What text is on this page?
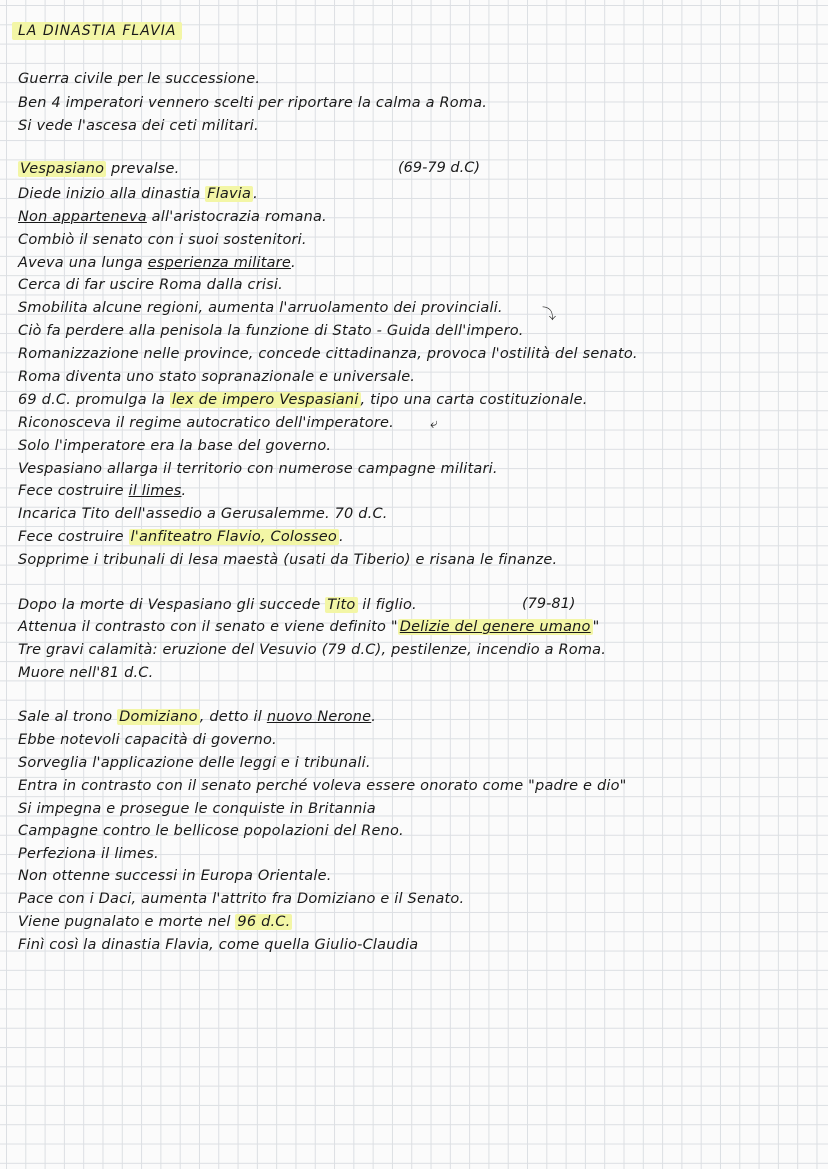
LA DINASTIA FLAVIA
Guerra civile per le successione.
Ben 4 imperatori vennero scelti per riportare la calma a Roma.
Si vede l'ascesa dei ceti militari.
Vespasiano prevalse.	(69-79 d.C)
Diede inizio alla dinastia Flavia .
Non apparteneva all'aristocrazia romana.
Combiò il senato con i suoi sostenitori.
Aveva una lunga esperienza militare.
Cerca di far uscire Roma dalla crisi.
Smobilita alcune regioni, aumenta l'arruolamento dei provinciali.	⤵
Ciò fa perdere alla penisola la funzione di Stato - Guida dell'impero.
Romanizzazione nelle province, concede cittadinanza, provoca l'ostilità del senato.
Roma diventa uno stato sopranazionale e universale.
69 d.C. promulga la lex de impero Vespasiani , tipo una carta costituzionale.
Riconosceva il regime autocratico dell'imperatore.	⤶
Solo l'imperatore era la base del governo.
Vespasiano allarga il territorio con numerose campagne militari.
Fece costruire il limes.
Incarica Tito dell'assedio a Gerusalemme. 70 d.C.
Fece costruire l'anfiteatro Flavio, Colosseo .
Sopprime i tribunali di lesa maestà (usati da Tiberio) e risana le finanze.
Dopo la morte di Vespasiano gli succede Tito il figlio.	(79-81)
Attenua il contrasto con il senato e viene definito " Delizie del genere umano "
Tre gravi calamità: eruzione del Vesuvio (79 d.C), pestilenze, incendio a Roma.
Muore nell'81 d.C.
Sale al trono Domiziano , detto il nuovo Nerone.
Ebbe notevoli capacità di governo.
Sorveglia l'applicazione delle leggi e i tribunali.
Entra in contrasto con il senato perché voleva essere onorato come "padre e dio"
Si impegna e prosegue le conquiste in Britannia
Campagne contro le bellicose popolazioni del Reno.
Perfeziona il limes.
Non ottenne successi in Europa Orientale.
Pace con i Daci, aumenta l'attrito fra Domiziano e il Senato.
Viene pugnalato e morte nel 96 d.C.
Finì così la dinastia Flavia, come quella Giulio-Claudia
